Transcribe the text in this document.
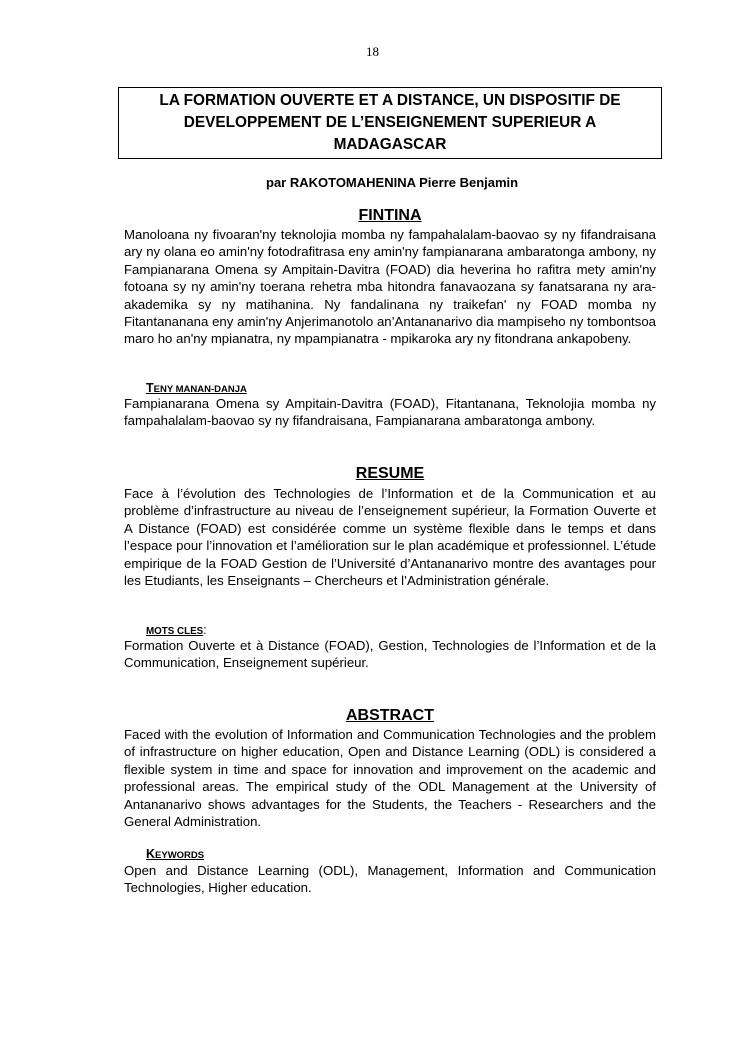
18
LA FORMATION OUVERTE ET A DISTANCE, UN DISPOSITIF DE
DEVELOPPEMENT DE L’ENSEIGNEMENT SUPERIEUR A
MADAGASCAR
par RAKOTOMAHENINA Pierre Benjamin
FINTINA

Manoloana ny fivoaran'ny teknolojia momba ny fampahalalam-baovao sy ny fifandraisana ary ny olana eo amin'ny fotodrafitrasa eny amin'ny fampianarana ambaratonga ambony, ny Fampianarana Omena sy Ampitain-Davitra (FOAD) dia heverina ho rafitra mety amin'ny fotoana sy ny amin'ny toerana rehetra mba hitondra fanavaozana sy fanatsarana ny ara-akademika sy ny matihanina. Ny fandalinana ny traikefan' ny FOAD momba ny Fitantananana eny amin'ny Anjerimanotolo an’Antananarivo dia mampiseho ny tombontsoa maro ho an'ny mpianatra, ny mpampianatra - mpikaroka ary ny fitondrana ankapobeny.

TENY MANAN-DANJA

Fampianarana Omena sy Ampitain-Davitra (FOAD), Fitantanana, Teknolojia momba ny fampahalalam-baovao sy ny fifandraisana, Fampianarana ambaratonga ambony.

RESUME

Face à l’évolution des Technologies de l’Information et de la Communication et au problème d’infrastructure au niveau de l’enseignement supérieur, la Formation Ouverte et A Distance (FOAD) est considérée comme un système flexible dans le temps et dans l’espace pour l’innovation et l’amélioration sur le plan académique et professionnel. L’étude empirique de la FOAD Gestion de l’Université d’Antananarivo montre des avantages pour les Etudiants, les Enseignants – Chercheurs et l’Administration générale.

MOTS CLES:

Formation Ouverte et à Distance (FOAD), Gestion, Technologies de l’Information et de la Communication, Enseignement supérieur.

ABSTRACT

Faced with the evolution of Information and Communication Technologies and the problem of infrastructure on higher education, Open and Distance Learning (ODL) is considered a flexible system in time and space for innovation and improvement on the academic and professional areas. The empirical study of the ODL Management at the University of Antananarivo shows advantages for the Students, the Teachers - Researchers and the General Administration.

KEYWORDS

Open and Distance Learning (ODL), Management, Information and Communication Technologies, Higher education.
